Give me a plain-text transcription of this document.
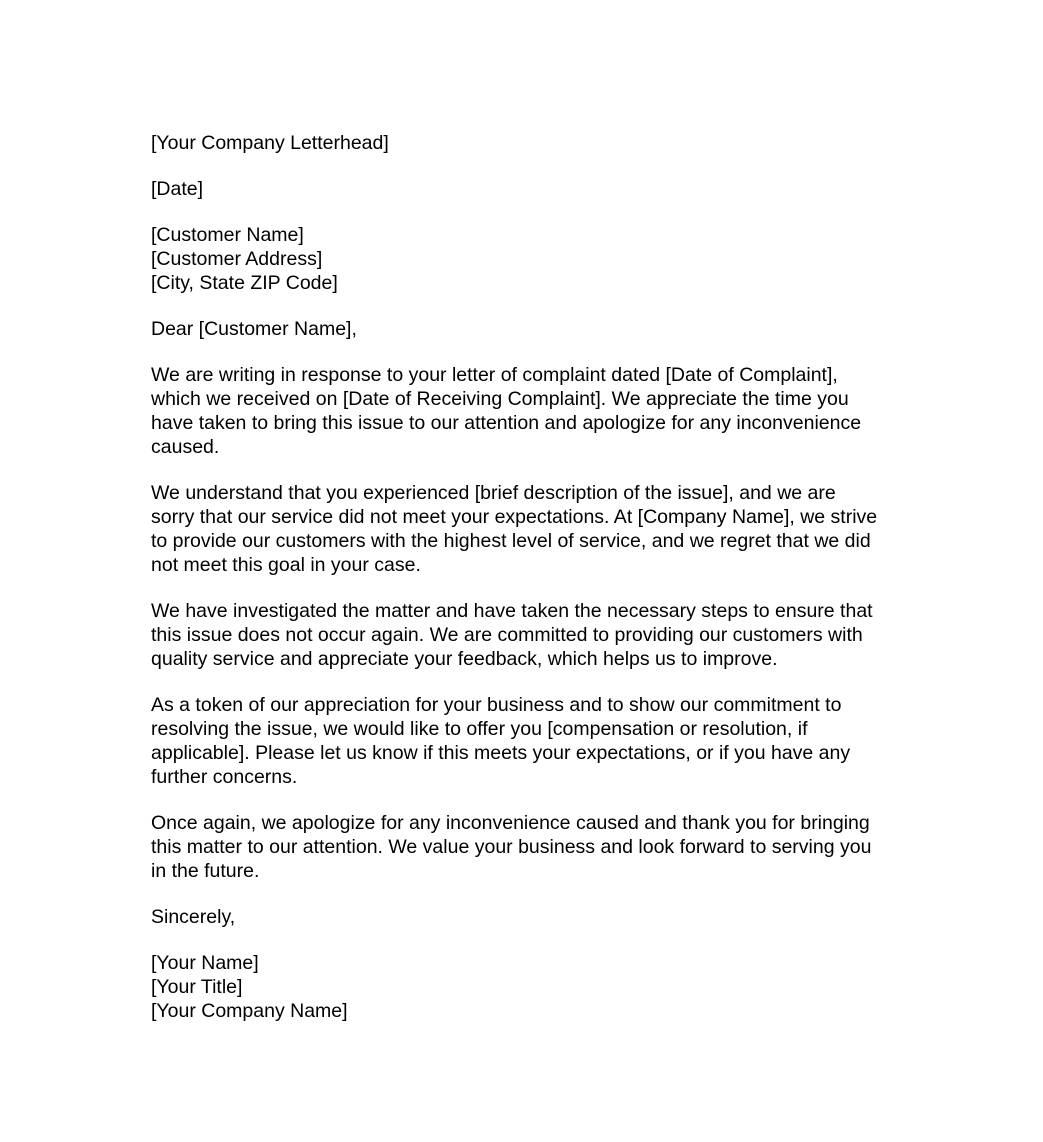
[Your Company Letterhead]
[Date]
[Customer Name]
[Customer Address]
[City, State ZIP Code]
Dear [Customer Name],

We are writing in response to your letter of complaint dated [Date of Complaint], which we received on [Date of Receiving Complaint]. We appreciate the time you have taken to bring this issue to our attention and apologize for any inconvenience caused.

We understand that you experienced [brief description of the issue], and we are sorry that our service did not meet your expectations. At [Company Name], we strive to provide our customers with the highest level of service, and we regret that we did not meet this goal in your case.

We have investigated the matter and have taken the necessary steps to ensure that this issue does not occur again. We are committed to providing our customers with quality service and appreciate your feedback, which helps us to improve.

As a token of our appreciation for your business and to show our commitment to resolving the issue, we would like to offer you [compensation or resolution, if applicable]. Please let us know if this meets your expectations, or if you have any further concerns.

Once again, we apologize for any inconvenience caused and thank you for bringing this matter to our attention. We value your business and look forward to serving you in the future.

Sincerely,
[Your Name]
[Your Title]
[Your Company Name]
